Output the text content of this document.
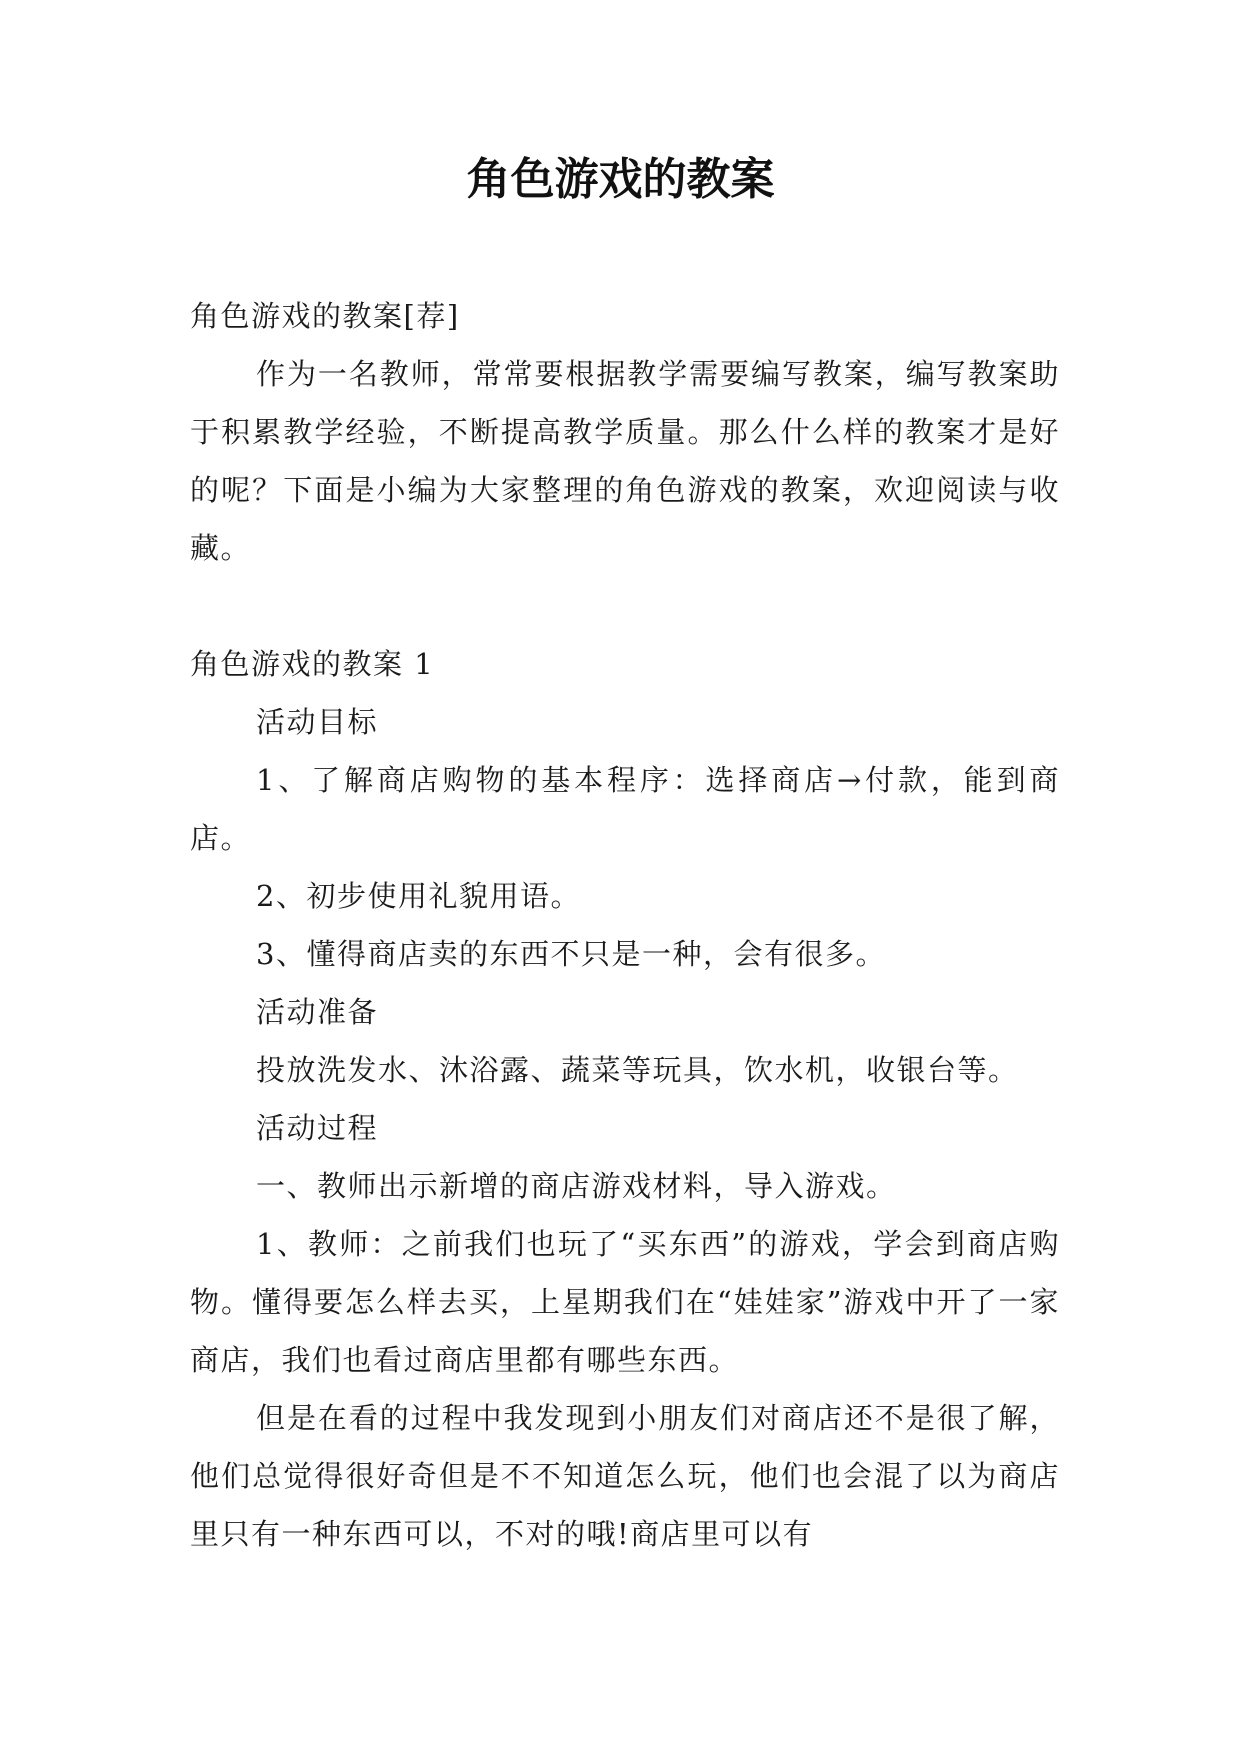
角色游戏的教案

角色游戏的教案[荐]

作为一名教师，常常要根据教学需要编写教案，编写教案助于积累教学经验，不断提高教学质量。那么什么样的教案才是好的呢？下面是小编为大家整理的角色游戏的教案，欢迎阅读与收藏。

角色游戏的教案 1

活动目标

1、了解商店购物的基本程序：选择商店→付款，能到商店。

2、初步使用礼貌用语。

3、懂得商店卖的东西不只是一种，会有很多。

活动准备

投放洗发水、沐浴露、蔬菜等玩具，饮水机，收银台等。

活动过程

一、教师出示新增的商店游戏材料，导入游戏。

1、教师：之前我们也玩了“买东西”的游戏，学会到商店购物。懂得要怎么样去买，上星期我们在“娃娃家”游戏中开了一家商店，我们也看过商店里都有哪些东西。

但是在看的过程中我发现到小朋友们对商店还不是很了解，他们总觉得很好奇但是不不知道怎么玩，他们也会混了以为商店里只有一种东西可以，不对的哦!商店里可以有
